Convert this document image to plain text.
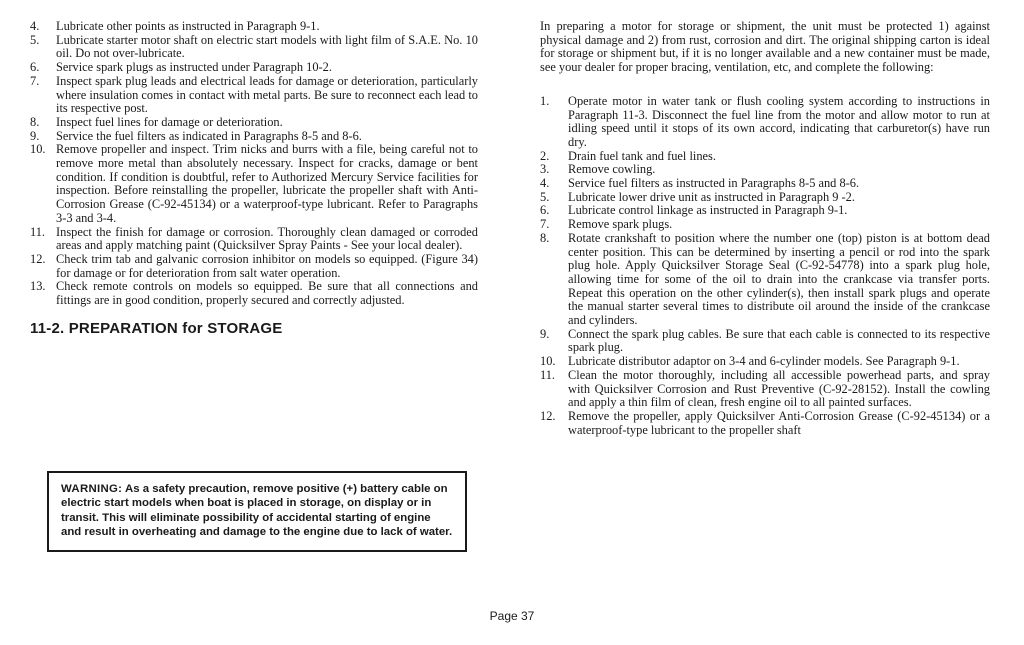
4.	Lubricate other points as instructed in Paragraph 9-1.
5.	Lubricate starter motor shaft on electric start models with light film of S.A.E. No. 10 oil. Do not over-lubricate.
6.	Service spark plugs as instructed under Paragraph 10-2.
7.	Inspect spark plug leads and electrical leads for damage or deterioration, particularly where insulation comes in contact with metal parts. Be sure to reconnect each lead to its respective post.
8.	Inspect fuel lines for damage or deterioration.
9.	Service the fuel filters as indicated in Paragraphs 8-5 and 8-6.
10. Remove propeller and inspect. Trim nicks and burrs with a file, being careful not to remove more metal than absolutely necessary. Inspect for cracks, damage or bent condition. If condition is doubtful, refer to Authorized Mercury Service facilities for inspection. Before reinstalling the propeller, lubricate the propeller shaft with Anti-Corrosion Grease (C-92-45134) or a waterproof-type lubricant. Refer to Paragraphs 3-3 and 3-4.
11. Inspect the finish for damage or corrosion. Thoroughly clean damaged or corroded areas and apply matching paint (Quicksilver Spray Paints - See your local dealer).
12. Check trim tab and galvanic corrosion inhibitor on models so equipped. (Figure 34) for damage or for deterioration from salt water operation.
13. Check remote controls on models so equipped. Be sure that all connections and fittings are in good condition, properly secured and correctly adjusted.
11-2. PREPARATION for STORAGE
WARNING: As a safety precaution, remove positive (+) battery cable on electric start models when boat is placed in storage, on display or in transit. This will eliminate possibility of accidental starting of engine and result in overheating and damage to the engine due to lack of water.

In preparing a motor for storage or shipment, the unit must be protected 1) against physical damage and 2) from rust, corrosion and dirt. The original shipping carton is ideal for storage or shipment but, if it is no longer available and a new container must be made, see your dealer for proper bracing, ventilation, etc, and complete the following:

1.	Operate motor in water tank or flush cooling system according to instructions in Paragraph 11-3. Disconnect the fuel line from the motor and allow motor to run at idling speed until it stops of its own accord, indicating that carburetor(s) have run dry.
2.	Drain fuel tank and fuel lines.
3.	Remove cowling.
4.	Service fuel filters as instructed in Paragraphs 8-5 and 8-6.
5.	Lubricate lower drive unit as instructed in Paragraph 9 -2.
6.	Lubricate control linkage as instructed in Paragraph 9-1.
7.	Remove spark plugs.
8.	Rotate crankshaft to position where the number one (top) piston is at bottom dead center position. This can be determined by inserting a pencil or rod into the spark plug hole. Apply Quicksilver Storage Seal (C-92-54778) into a spark plug hole, allowing time for some of the oil to drain into the crankcase via transfer ports. Repeat this operation on the other cylinder(s), then install spark plugs and operate the manual starter several times to distribute oil around the inside of the crankcase and cylinders.
9.	Connect the spark plug cables. Be sure that each cable is connected to its respective spark plug.
10.	Lubricate distributor adaptor on 3-4 and 6-cylinder models. See Paragraph 9-1.
11.	Clean the motor thoroughly, including all accessible powerhead parts, and spray with Quicksilver Corrosion and Rust Preventive (C-92-28152). Install the cowling and apply a thin film of clean, fresh engine oil to all painted surfaces.
12.	Remove the propeller, apply Quicksilver Anti-Corrosion Grease (C-92-45134) or a waterproof-type lubricant to the propeller shaft
Page 37
